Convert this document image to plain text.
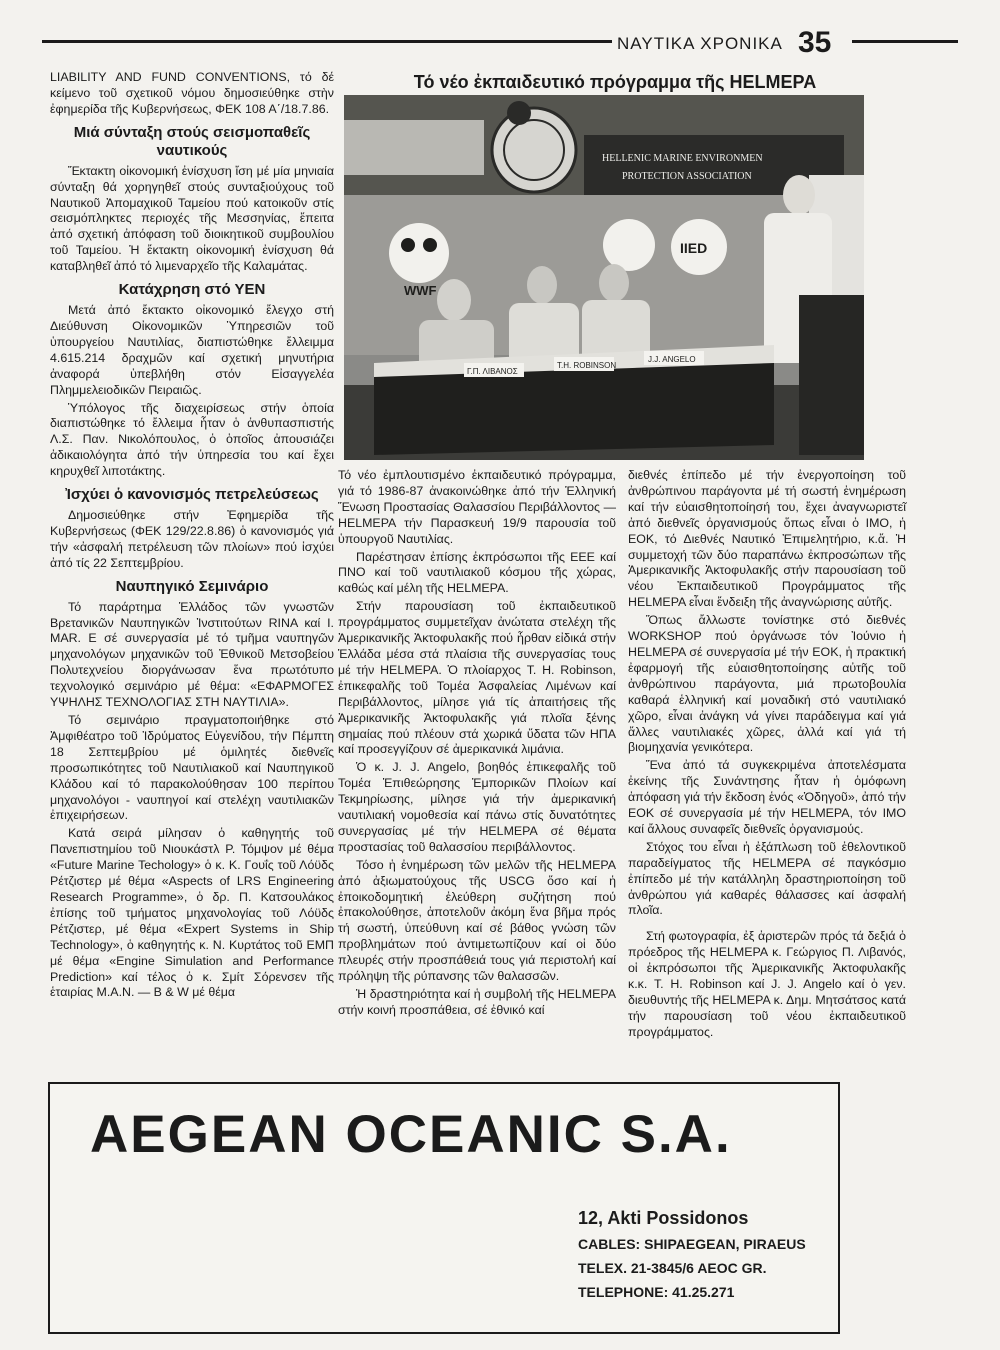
ΝΑΥΤΙΚΑ ΧΡΟΝΙΚΑ 35

LIABILITY AND FUND CONVENTIONS, τό δέ κείμενο τοῦ σχετικοῦ νόμου δημοσιεύθηκε στὴν ἐφημερίδα τῆς Κυβερνήσεως, ΦΕΚ 108 Α΄/18.7.86.

Μιά σύνταξη στούς σεισμοπαθεῖς ναυτικούς

Ἔκτακτη οἰκονομική ἐνίσχυση ἴση μέ μία μηνιαία σύνταξη θά χορηγηθεῖ στούς συνταξιούχους τοῦ Ναυτικοῦ Ἀπομαχικοῦ Ταμείου πού κατοικοῦν στίς σεισμόπληκτες περιοχές τῆς Μεσσηνίας, ἔπειτα ἀπό σχετική ἀπόφαση τοῦ διοικητικοῦ συμβουλίου τοῦ Ταμείου. Ἡ ἔκτακτη οἰκονομική ἐνίσχυση θά καταβληθεῖ ἀπό τό λιμεναρχεῖο τῆς Καλαμάτας.

Κατάχρηση στό ΥΕΝ

Μετά ἀπό ἔκτακτο οἰκονομικό ἔλεγχο στή Διεύθυνση Οἰκονομικῶν Ὑπηρεσιῶν τοῦ ὑπουργείου Ναυτιλίας, διαπιστώθηκε ἔλλειμμα 4.615.214 δραχμῶν καί σχετική μηνυτήρια ἀναφορά ὑπεβλήθη στόν Εἰσαγγελέα Πλημμελειοδικῶν Πειραιῶς.

Ὑπόλογος τῆς διαχειρίσεως στήν ὁποία διαπιστώθηκε τό ἔλλειμα ἦταν ὁ ἀνθυπασπιστής Λ.Σ. Παν. Νικολόπουλος, ὁ ὁποῖος ἀπουσιάζει ἀδικαιολόγητα ἀπό τήν ὑπηρεσία του καί ἔχει κηρυχθεῖ λιποτάκτης.

Ἰσχύει ὁ κανονισμός πετρελεύσεως

Δημοσιεύθηκε στήν Ἐφημερίδα τῆς Κυβερνήσεως (ΦΕΚ 129/22.8.86) ὁ κανονισμός γιά τήν «ἀσφαλή πετρέλευση τῶν πλοίων» πού ἰσχύει ἀπό τίς 22 Σεπτεμβρίου.

Ναυπηγικό Σεμινάριο

Τό παράρτημα Ἑλλάδος τῶν γνωστῶν Βρετανικῶν Ναυπηγικῶν Ἰνστιτούτων RINA καί I. MAR. E σέ συνεργασία μέ τό τμῆμα ναυπηγῶν μηχανολόγων μηχανικῶν τοῦ Ἐθνικοῦ Μετσοβείου Πολυτεχνείου διοργάνωσαν ἕνα πρωτότυπο τεχνολογικό σεμινάριο μέ θέμα: «ΕΦΑΡΜΟΓΕΣ ΥΨΗΛΗΣ ΤΕΧΝΟΛΟΓΙΑΣ ΣΤΗ ΝΑΥΤΙΛΙΑ».

Τό σεμινάριο πραγματοποιήθηκε στό Ἀμφιθέατρο τοῦ Ἱδρύματος Εὐγενίδου, τήν Πέμπτη 18 Σεπτεμβρίου μέ ὁμιλητές διεθνεῖς προσωπικότητες τοῦ Ναυτιλιακοῦ καί Ναυπηγικοῦ Κλάδου καί τό παρακολούθησαν 100 περίπου μηχανολόγοι - ναυπηγοί καί στελέχη ναυτιλιακῶν ἐπιχειρήσεων.

Κατά σειρά μίλησαν ὁ καθηγητής τοῦ Πανεπιστημίου τοῦ Νιουκάστλ Ρ. Τόμψον μέ θέμα «Future Marine Techology» ὁ κ. Κ. Γουΐς τοῦ Λόϋδς Ρέτζιστερ μέ θέμα «Aspects of LRS Engineering Research Programme», ὁ δρ. Π. Κατσουλάκος ἐπίσης τοῦ τμήματος μηχανολογίας τοῦ Λόϋδς Ρέτζιστερ, μέ θέμα «Expert Systems in Ship Technology», ὁ καθηγητής κ. Ν. Κυρτάτος τοῦ ΕΜΠ μέ θέμα «Engine Simulation and Performance Prediction» καί τέλος ὁ κ. Σμίτ Σόρενσεν τῆς ἑταιρίας Μ.Α.Ν. — Β & W μέ θέμα

Τό νέο ἐκπαιδευτικό πρόγραμμα τῆς HELMEPA
HELLENIC MARINE ENVIRONMEN
PROTECTION ASSOCIATION
WWF
IIED
Γ.Π. ΛΙΒΑΝΟΣ
T.H. ROBINSON
J.J. ANGELO

Τό νέο ἐμπλουτισμένο ἐκπαιδευτικό πρόγραμμα, γιά τό 1986-87 ἀνακοινώθηκε ἀπό τήν Ἑλληνική Ἕνωση Προστασίας Θαλασσίου Περιβάλλοντος — HELMEPA τήν Παρασκευή 19/9 παρουσία τοῦ ὑπουργοῦ Ναυτιλίας.

Παρέστησαν ἐπίσης ἐκπρόσωποι τῆς ΕΕΕ καί ΠΝΟ καί τοῦ ναυτιλιακοῦ κόσμου τῆς χώρας, καθώς καί μέλη τῆς HELMEPA.

Στήν παρουσίαση τοῦ ἐκπαιδευτικοῦ προγράμματος συμμετεῖχαν ἀνώτατα στελέχη τῆς Ἀμερικανικῆς Ἀκτοφυλακῆς πού ἦρθαν εἰδικά στήν Ἑλλάδα μέσα στά πλαίσια τῆς συνεργασίας τους μέ τήν HELMEPA. Ὁ πλοίαρχος T. H. Robinson, ἐπικεφαλῆς τοῦ Τομέα Ἀσφαλείας Λιμένων καί Περιβάλλοντος, μίλησε γιά τίς ἀπαιτήσεις τῆς Ἀμερικανικῆς Ἀκτοφυλακῆς γιά πλοῖα ξένης σημαίας πού πλέουν στά χωρικά ὕδατα τῶν ΗΠΑ καί προσεγγίζουν σέ ἀμερικανικά λιμάνια.

Ὁ κ. J. J. Angelo, βοηθός ἐπικεφαλῆς τοῦ Τομέα Ἐπιθεώρησης Ἐμπορικῶν Πλοίων καί Τεκμηρίωσης, μίλησε γιά τήν ἀμερικανική ναυτιλιακή νομοθεσία καί πάνω στίς δυνατότητες συνεργασίας μέ τήν HELMEPA σέ θέματα προστασίας τοῦ θαλασσίου περιβάλλοντος.

Τόσο ἡ ἐνημέρωση τῶν μελῶν τῆς HELMEPA ἀπό ἀξιωματούχους τῆς USCG ὅσο καί ἡ ἐποικοδομητική ἐλεύθερη συζήτηση πού ἐπακολούθησε, ἀποτελοῦν ἀκόμη ἕνα βῆμα πρός τή σωστή, ὑπεύθυνη καί σέ βάθος γνώση τῶν προβλημάτων πού ἀντιμετωπίζουν καί οἱ δύο πλευρές στήν προσπάθειά τους γιά περιστολή καί πρόληψη τῆς ρύπανσης τῶν θαλασσῶν.

Ἡ δραστηριότητα καί ἡ συμβολή τῆς HELMEPA στήν κοινή προσπάθεια, σέ ἐθνικό καί

διεθνές ἐπίπεδο μέ τήν ἐνεργοποίηση τοῦ ἀνθρώπινου παράγοντα μέ τή σωστή ἐνημέρωση καί τήν εὐαισθητοποίησή του, ἔχει ἀναγνωριστεῖ ἀπό διεθνεῖς ὀργανισμούς ὅπως εἶναι ὁ ΙΜΟ, ἡ ΕΟΚ, τό Διεθνές Ναυτικό Ἐπιμελητήριο, κ.ἄ. Ἡ συμμετοχή τῶν δύο παραπάνω ἐκπροσώπων τῆς Ἀμερικανικῆς Ἀκτοφυλακῆς στήν παρουσίαση τοῦ νέου Ἐκπαιδευτικοῦ Προγράμματος τῆς HELMEPA εἶναι ἔνδειξη τῆς ἀναγνώρισης αὐτῆς.

Ὅπως ἄλλωστε τονίστηκε στό διεθνές WORKSHOP πού ὀργάνωσε τόν Ἰούνιο ἡ HELMEPA σέ συνεργασία μέ τήν ΕΟΚ, ἡ πρακτική ἐφαρμογή τῆς εὐαισθητοποίησης αὐτῆς τοῦ ἀνθρώπινου παράγοντα, μιά πρωτοβουλία καθαρά ἑλληνική καί μοναδική στό ναυτιλιακό χῶρο, εἶναι ἀνάγκη νά γίνει παράδειγμα καί γιά ἄλλες ναυτιλιακές χῶρες, ἀλλά καί γιά τή βιομηχανία γενικότερα.

Ἕνα ἀπό τά συγκεκριμένα ἀποτελέσματα ἐκείνης τῆς Συνάντησης ἦταν ἡ ὁμόφωνη ἀπόφαση γιά τήν ἔκδοση ἑνός «Ὁδηγοῦ», ἀπό τήν ΕΟΚ σέ συνεργασία μέ τήν HELMEPA, τόν ΙΜΟ καί ἄλλους συναφεῖς διεθνεῖς ὀργανισμούς.

Στόχος του εἶναι ἡ ἐξάπλωση τοῦ ἐθελοντικοῦ παραδείγματος τῆς HELMEPA σέ παγκόσμιο ἐπίπεδο μέ τήν κατάλληλη δραστηριοποίηση τοῦ ἀνθρώπου γιά καθαρές θάλασσες καί ἀσφαλή πλοῖα.

Στή φωτογραφία, ἐξ ἀριστερῶν πρός τά δεξιά ὁ πρόεδρος τῆς HELMEPA κ. Γεώργιος Π. Λιβανός, οἱ ἐκπρόσωποι τῆς Ἀμερικανικῆς Ἀκτοφυλακῆς κ.κ. T. H. Robinson καί J. J. Angelo καί ὁ γεν. διευθυντής τῆς HELMEPA κ. Δημ. Μητσάτσος κατά τήν παρουσίαση τοῦ νέου ἐκπαιδευτικοῦ προγράμματος.

AEGEAN OCEANIC S.A.
12, Akti Possidonos
CABLES: SHIPAEGEAN, PIRAEUS
TELEX. 21-3845/6 AEOC GR.
TELEPHONE: 41.25.271
